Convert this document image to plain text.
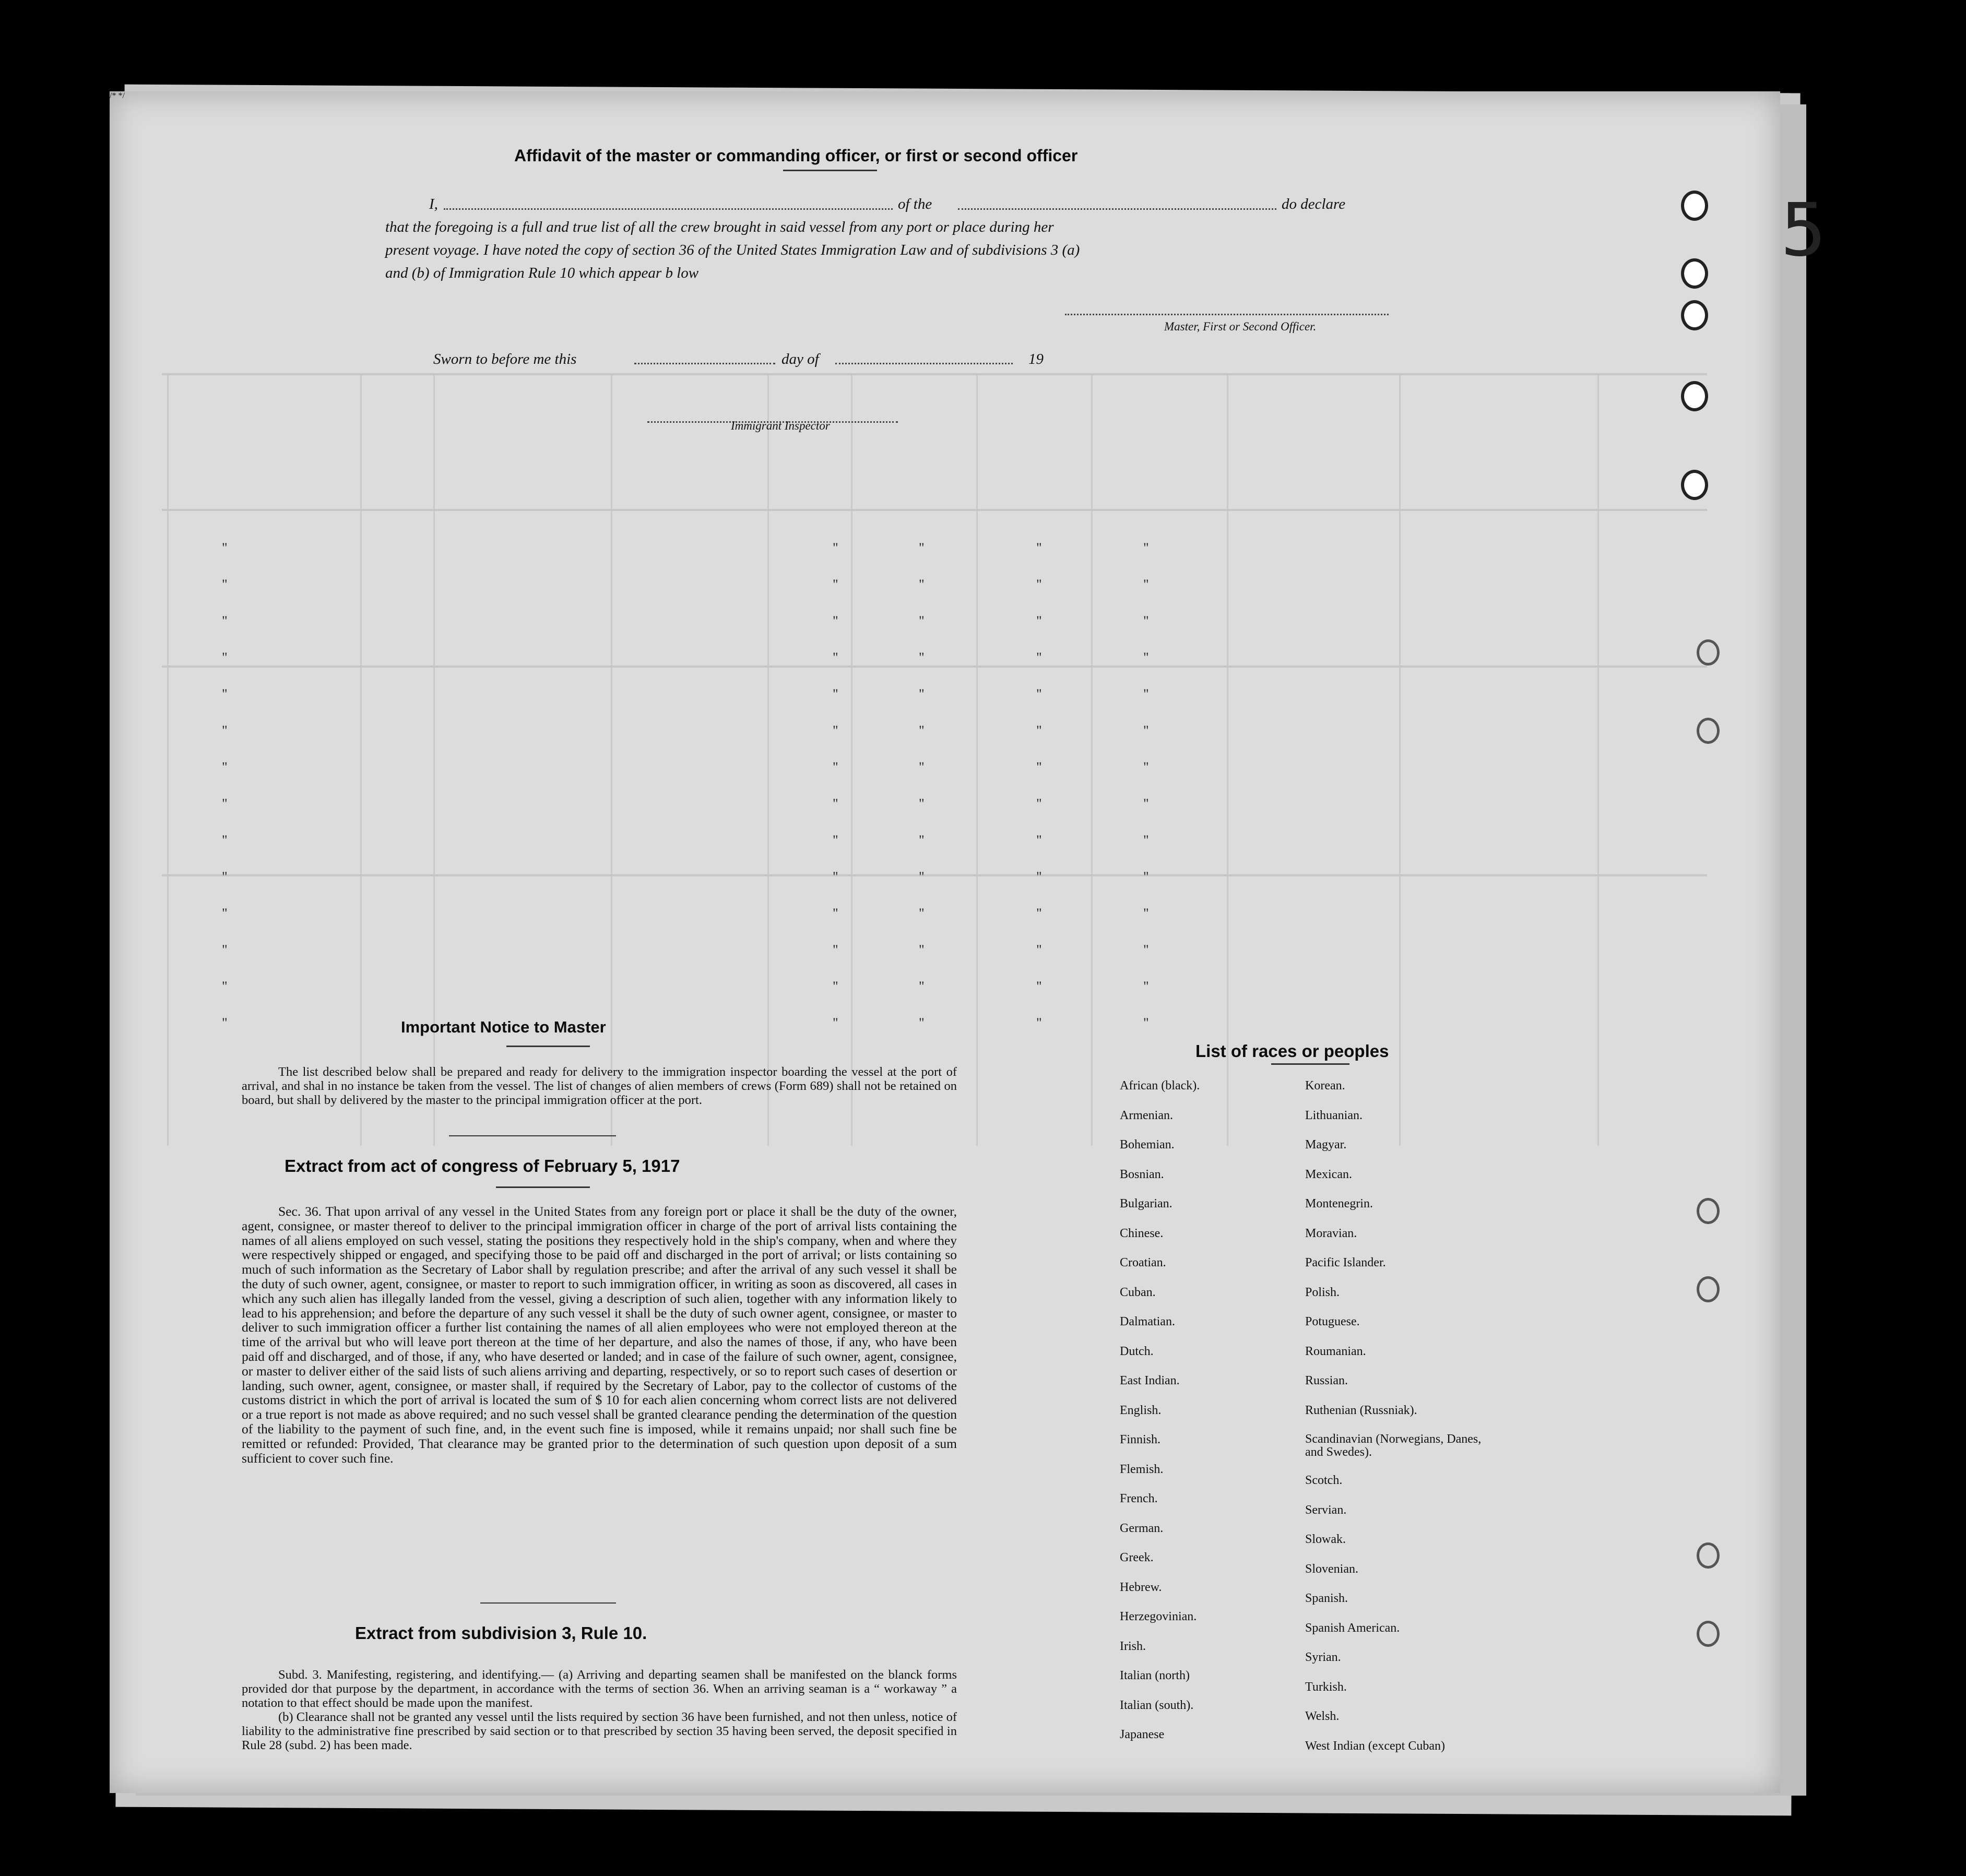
Affidavit of the master or commanding officer, or first or second officer
I,	of the
/* */
do declare
that the foregoing is a full and true list of all the crew brought in said vessel from any port or place during her
present voyage. I have noted the copy of section 36 of the United States Immigration Law and of subdivisions 3 (a)
and (b) of Immigration Rule 10 which appear b low
Master, First or Second Officer.
Sworn to before me this	day of	19
Immigrant Inspector
"	"	"	"	"
"	"	"	"	"
"	"	"	"	"
"	"	"	"	"
"	"	"	"	"
"	"	"	"	"
"	"	"	"	"
"	"	"	"	"
"	"	"	"	"
"	"	"	"	"
"	"	"	"	"
"	"	"	"	"
"	"	"	"	"
"	"	"	"	"
Important Notice to Master

The list described below shall be prepared and ready for delivery to the immigration inspector boarding the vessel at the port of arrival, and shal in no instance be taken from the vessel. The list of changes of alien members of crews (Form 689) shall not be retained on board, but shall by delivered by the master to the principal immigration officer at the port.

Extract from act of congress of February 5, 1917

Sec. 36. That upon arrival of any vessel in the United States from any foreign port or place it shall be the duty of the owner, agent, consignee, or master thereof to deliver to the principal immigration officer in charge of the port of arrival lists containing the names of all aliens employed on such vessel, stating the positions they respectively hold in the ship's company, when and where they were respectively shipped or engaged, and specifying those to be paid off and discharged in the port of arrival; or lists containing so much of such information as the Secretary of Labor shall by regulation prescribe; and after the arrival of any such vessel it shall be the duty of such owner, agent, consignee, or master to report to such immigration officer, in writing as soon as discovered, all cases in which any such alien has illegally landed from the vessel, giving a description of such alien, together with any information likely to lead to his apprehension; and before the departure of any such vessel it shall be the duty of such owner agent, consignee, or master to deliver to such immigration officer a further list containing the names of all alien employees who were not employed thereon at the time of the arrival but who will leave port thereon at the time of her departure, and also the names of those, if any, who have been paid off and discharged, and of those, if any, who have deserted or landed; and in case of the failure of such owner, agent, consignee, or master to deliver either of the said lists of such aliens arriving and departing, respectively, or so to report such cases of desertion or landing, such owner, agent, consignee, or master shall, if required by the Secretary of Labor, pay to the collector of customs of the customs district in which the port of arrival is located the sum of $ 10 for each alien concerning whom correct lists are not delivered or a true report is not made as above required; and no such vessel shall be granted clearance pending the determination of the question of the liability to the payment of such fine, and, in the event such fine is imposed, while it remains unpaid; nor shall such fine be remitted or refunded: Provided, That clearance may be granted prior to the determination of such question upon deposit of a sum sufficient to cover such fine.

Extract from subdivision 3, Rule 10.

Subd. 3. Manifesting, registering, and identifying.— (a) Arriving and departing seamen shall be manifested on the blanck forms provided dor that purpose by the department, in accordance with the terms of section 36. When an arriving seaman is a “ workaway ” a notation to that effect should be made upon the manifest.

(b) Clearance shall not be granted any vessel until the lists required by section 36 have been furnished, and not then unless, notice of liability to the administrative fine prescribed by said section or to that prescribed by section 35 having been served, the deposit specified in Rule 28 (subd. 2) has been made.

List of races or peoples
African (black).
Armenian.
Bohemian.
Bosnian.
Bulgarian.
Chinese.
Croatian.
Cuban.
Dalmatian.
Dutch.
East Indian.
English.
Finnish.
Flemish.
French.
German.
Greek.
Hebrew.
Herzegovinian.
Irish.
Italian (north)
Italian (south).
Japanese
Korean.
Lithuanian.
Magyar.
Mexican.
Montenegrin.
Moravian.
Pacific Islander.
Polish.
Potuguese.
Roumanian.
Russian.
Ruthenian (Russniak).
Scandinavian (Norwegians, Danes, and Swedes).
Scotch.
Servian.
Slowak.
Slovenian.
Spanish.
Spanish American.
Syrian.
Turkish.
Welsh.
West Indian (except Cuban)
5
